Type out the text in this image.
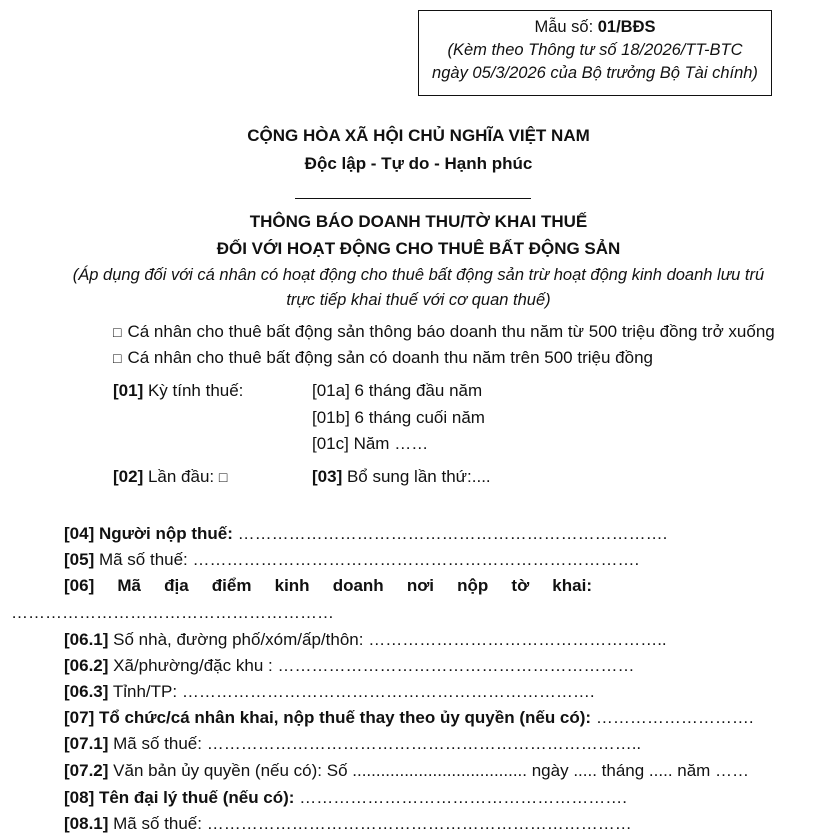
Mẫu số: 01/BĐS
(Kèm theo Thông tư số 18/2026/TT-BTC
ngày 05/3/2026 của Bộ trưởng Bộ Tài chính)
CỘNG HÒA XÃ HỘI CHỦ NGHĨA VIỆT NAM
Độc lập - Tự do - Hạnh phúc
THÔNG BÁO DOANH THU/TỜ KHAI THUẾ
ĐỐI VỚI HOẠT ĐỘNG CHO THUÊ BẤT ĐỘNG SẢN
(Áp dụng đối với cá nhân có hoạt động cho thuê bất động sản trừ hoạt động kinh doanh lưu trú
trực tiếp khai thuế với cơ quan thuế)
□ Cá nhân cho thuê bất động sản thông báo doanh thu năm từ 500 triệu đồng trở xuống
□ Cá nhân cho thuê bất động sản có doanh thu năm trên 500 triệu đồng
[01] Kỳ tính thuế:	[01a] 6 tháng đầu năm
[01b] 6 tháng cuối năm
[01c] Năm ……
[02] Lần đầu: □	[03] Bổ sung lần thứ:....
[04] Người nộp thuế: ………………………………………………………………….
[05] Mã số thuế: …………………………………………………………………….
[06] Mã địa điểm kinh doanh nơi nộp tờ khai:
…………………………………………………
[06.1] Số nhà, đường phố/xóm/ấp/thôn: ……………………………………………..
[06.2] Xã/phường/đặc khu : ………………………………………………………
[06.3] Tỉnh/TP: ……………………………………………………………….
[07] Tổ chức/cá nhân khai, nộp thuế thay theo ủy quyền (nếu có): ……………………….
[07.1] Mã số thuế: …………………………………………………………………..
[07.2] Văn bản ủy quyền (nếu có): Số ..................................... ngày ..... tháng ..... năm ……
[08] Tên đại lý thuế (nếu có): ………………………………………………….
[08.1] Mã số thuế: …………………………………………………………………
